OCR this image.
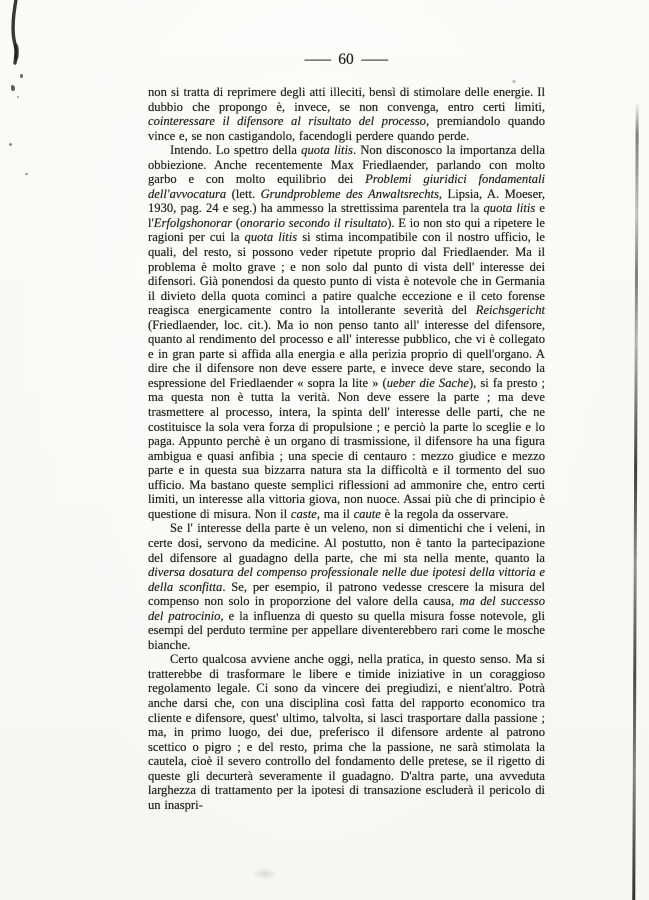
— 60 —

non si tratta di reprimere degli atti illeciti, bensì di stimolare delle energie. Il dubbio che propongo è, invece, se non convenga, entro certi limiti, cointeressare il difensore al risultato del processo, premiandolo quando vince e, se non castigandolo, facendogli perdere quando perde.

Intendo. Lo spettro della quota litis. Non disconosco la importanza della obbiezione. Anche recentemente Max Friedlaender, parlando con molto garbo e con molto equilibrio dei Problemi giuridici fondamentali dell'avvocatura (lett. Grundprobleme des Anwaltsrechts, Lipsia, A. Moeser, 1930, pag. 24 e seg.) ha ammesso la strettissima parentela tra la quota litis e l'Erfolgshonorar (onorario secondo il risultato). E io non sto qui a ripetere le ragioni per cui la quota litis si stima incompatibile con il nostro ufficio, le quali, del resto, si possono veder ripetute proprio dal Friedlaender. Ma il problema è molto grave ; e non solo dal punto di vista dell' interesse dei difensori. Già ponendosi da questo punto di vista è notevole che in Germania il divieto della quota cominci a patire qualche eccezione e il ceto forense reagisca energicamente contro la intollerante severità del Reichsgericht (Friedlaender, loc. cit.). Ma io non penso tanto all' interesse del difensore, quanto al rendimento del processo e all' interesse pubblico, che vi è collegato e in gran parte si affida alla energia e alla perizia proprio di quell'organo. A dire che il difensore non deve essere parte, e invece deve stare, secondo la espressione del Friedlaender « sopra la lite » (ueber die Sache), si fa presto ; ma questa non è tutta la verità. Non deve essere la parte ; ma deve trasmettere al processo, intera, la spinta dell' interesse delle parti, che ne costituisce la sola vera forza di propulsione ; e perciò la parte lo sceglie e lo paga. Appunto perchè è un organo di trasmissione, il difensore ha una figura ambigua e quasi anfibia ; una specie di centauro : mezzo giudice e mezzo parte e in questa sua bizzarra natura sta la difficoltà e il tormento del suo ufficio. Ma bastano queste semplici riflessioni ad ammonire che, entro certi limiti, un interesse alla vittoria giova, non nuoce. Assai più che di principio è questione di misura. Non il caste, ma il caute è la regola da osservare.

Se l' interesse della parte è un veleno, non si dimentichi che i veleni, in certe dosi, servono da medicine. Al postutto, non è tanto la partecipazione del difensore al guadagno della parte, che mi sta nella mente, quanto la diversa dosatura del compenso professionale nelle due ipotesi della vittoria e della sconfitta. Se, per esempio, il patrono vedesse crescere la misura del compenso non solo in proporzione del valore della causa, ma del successo del patrocinio, e la influenza di questo su quella misura fosse notevole, gli esempi del perduto termine per appellare diventerebbero rari come le mosche bianche.

Certo qualcosa avviene anche oggi, nella pratica, in questo senso. Ma si tratterebbe di trasformare le libere e timide iniziative in un coraggioso regolamento legale. Ci sono da vincere dei pregiudizi, e nient'altro. Potrà anche darsi che, con una disciplina così fatta del rapporto economico tra cliente e difensore, quest' ultimo, talvolta, si lasci trasportare dalla passione ; ma, in primo luogo, dei due, preferisco il difensore ardente al patrono scettico o pigro ; e del resto, prima che la passione, ne sarà stimolata la cautela, cioè il severo controllo del fondamento delle pretese, se il rigetto di queste gli decurterà severamente il guadagno. D'altra parte, una avveduta larghezza di trattamento per la ipotesi di transazione escluderà il pericolo di un inaspri-
